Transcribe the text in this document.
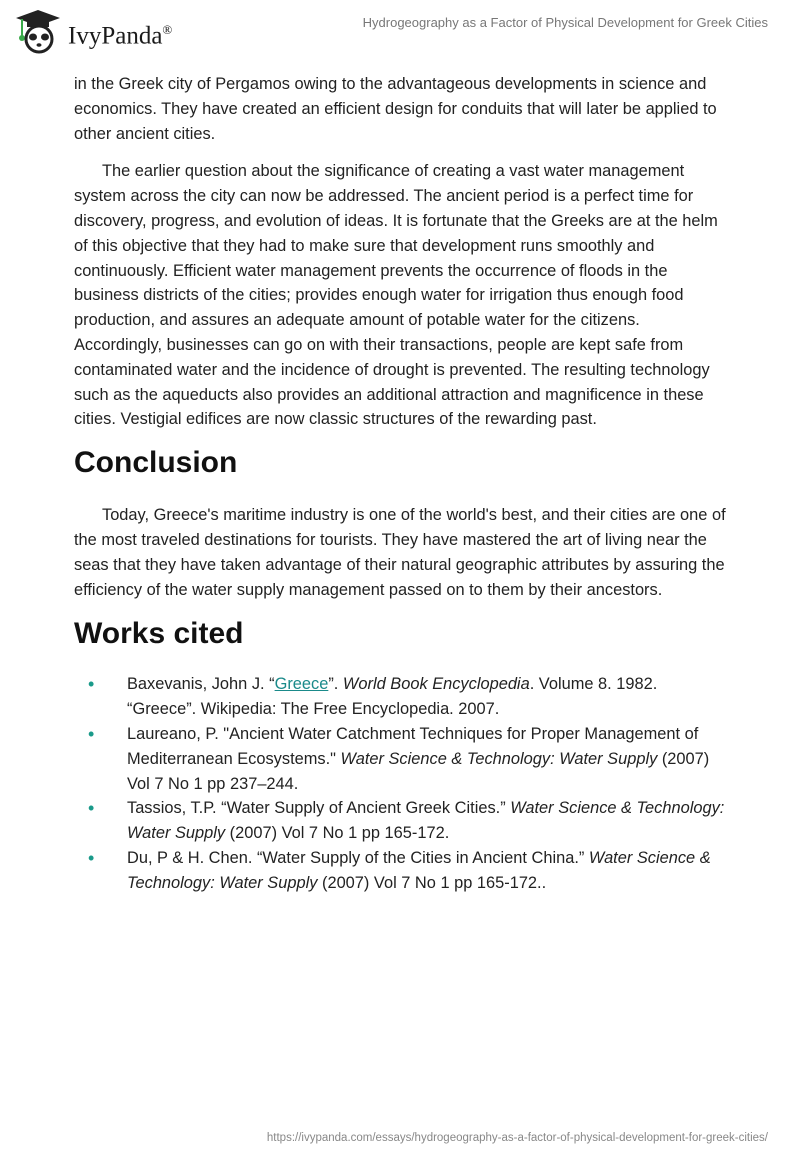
IvyPanda®	Hydrogeography as a Factor of Physical Development for Greek Cities

in the Greek city of Pergamos owing to the advantageous developments in science and economics. They have created an efficient design for conduits that will later be applied to other ancient cities.

The earlier question about the significance of creating a vast water management system across the city can now be addressed. The ancient period is a perfect time for discovery, progress, and evolution of ideas. It is fortunate that the Greeks are at the helm of this objective that they had to make sure that development runs smoothly and continuously. Efficient water management prevents the occurrence of floods in the business districts of the cities; provides enough water for irrigation thus enough food production, and assures an adequate amount of potable water for the citizens. Accordingly, businesses can go on with their transactions, people are kept safe from contaminated water and the incidence of drought is prevented. The resulting technology such as the aqueducts also provides an additional attraction and magnificence in these cities. Vestigial edifices are now classic structures of the rewarding past.

Conclusion

Today, Greece's maritime industry is one of the world's best, and their cities are one of the most traveled destinations for tourists. They have mastered the art of living near the seas that they have taken advantage of their natural geographic attributes by assuring the efficiency of the water supply management passed on to them by their ancestors.

Works cited
• Baxevanis, John J. “Greece”. World Book Encyclopedia. Volume 8. 1982. “Greece”. Wikipedia: The Free Encyclopedia. 2007.
• Laureano, P. "Ancient Water Catchment Techniques for Proper Management of Mediterranean Ecosystems." Water Science & Technology: Water Supply (2007) Vol 7 No 1 pp 237–244.
• Tassios, T.P. “Water Supply of Ancient Greek Cities.” Water Science & Technology: Water Supply (2007) Vol 7 No 1 pp 165-172.
• Du, P & H. Chen. “Water Supply of the Cities in Ancient China.” Water Science & Technology: Water Supply (2007) Vol 7 No 1 pp 165-172..
https://ivypanda.com/essays/hydrogeography-as-a-factor-of-physical-development-for-greek-cities/
